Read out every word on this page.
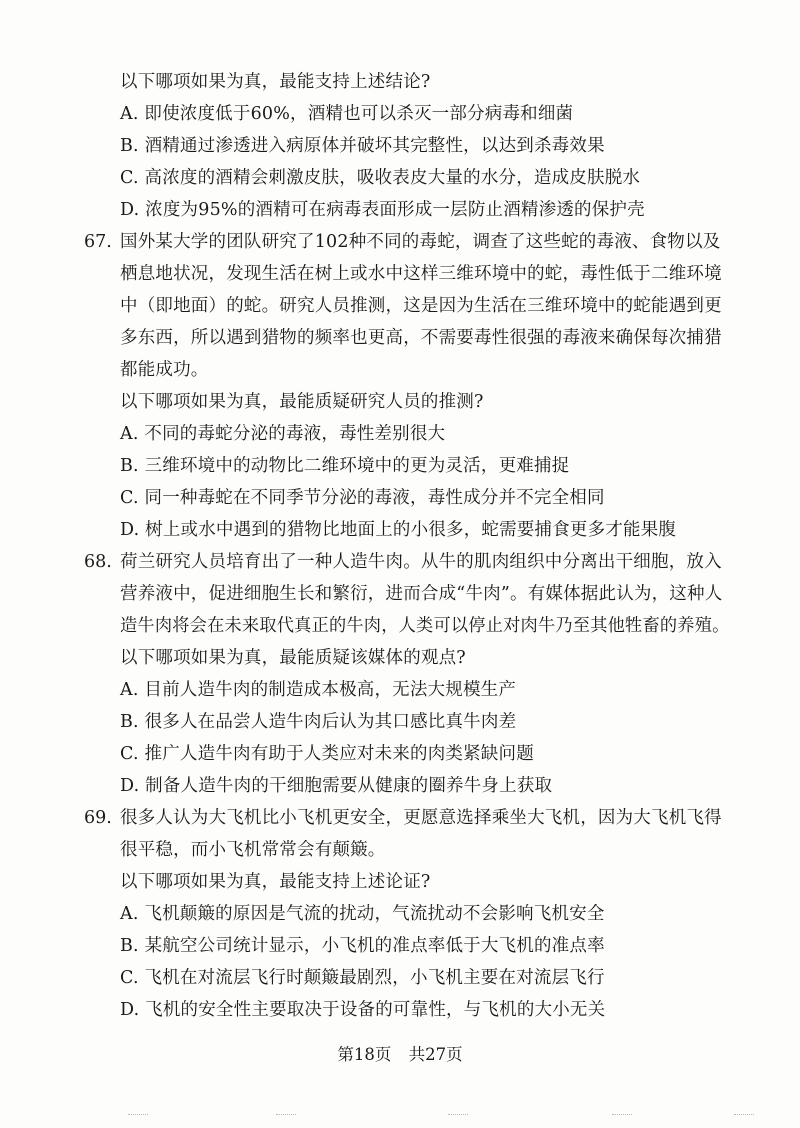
以下哪项如果为真，最能支持上述结论?
A. 即使浓度低于60%，酒精也可以杀灭一部分病毒和细菌
B. 酒精通过渗透进入病原体并破坏其完整性，以达到杀毒效果
C. 高浓度的酒精会刺激皮肤，吸收表皮大量的水分，造成皮肤脱水
D. 浓度为95%的酒精可在病毒表面形成一层防止酒精渗透的保护壳
67. 国外某大学的团队研究了102种不同的毒蛇，调查了这些蛇的毒液、食物以及
栖息地状况，发现生活在树上或水中这样三维环境中的蛇，毒性低于二维环境
中（即地面）的蛇。研究人员推测，这是因为生活在三维环境中的蛇能遇到更
多东西，所以遇到猎物的频率也更高，不需要毒性很强的毒液来确保每次捕猎
都能成功。
以下哪项如果为真，最能质疑研究人员的推测?
A. 不同的毒蛇分泌的毒液，毒性差别很大
B. 三维环境中的动物比二维环境中的更为灵活，更难捕捉
C. 同一种毒蛇在不同季节分泌的毒液，毒性成分并不完全相同
D. 树上或水中遇到的猎物比地面上的小很多，蛇需要捕食更多才能果腹
68. 荷兰研究人员培育出了一种人造牛肉。从牛的肌肉组织中分离出干细胞，放入
营养液中，促进细胞生长和繁衍，进而合成“牛肉”。有媒体据此认为，这种人
造牛肉将会在未来取代真正的牛肉，人类可以停止对肉牛乃至其他牲畜的养殖。
以下哪项如果为真，最能质疑该媒体的观点?
A. 目前人造牛肉的制造成本极高，无法大规模生产
B. 很多人在品尝人造牛肉后认为其口感比真牛肉差
C. 推广人造牛肉有助于人类应对未来的肉类紧缺问题
D. 制备人造牛肉的干细胞需要从健康的圈养牛身上获取
69. 很多人认为大飞机比小飞机更安全，更愿意选择乘坐大飞机，因为大飞机飞得
很平稳，而小飞机常常会有颠簸。
以下哪项如果为真，最能支持上述论证?
A. 飞机颠簸的原因是气流的扰动，气流扰动不会影响飞机安全
B. 某航空公司统计显示，小飞机的准点率低于大飞机的准点率
C. 飞机在对流层飞行时颠簸最剧烈，小飞机主要在对流层飞行
D. 飞机的安全性主要取决于设备的可靠性，与飞机的大小无关
第18页 共27页
